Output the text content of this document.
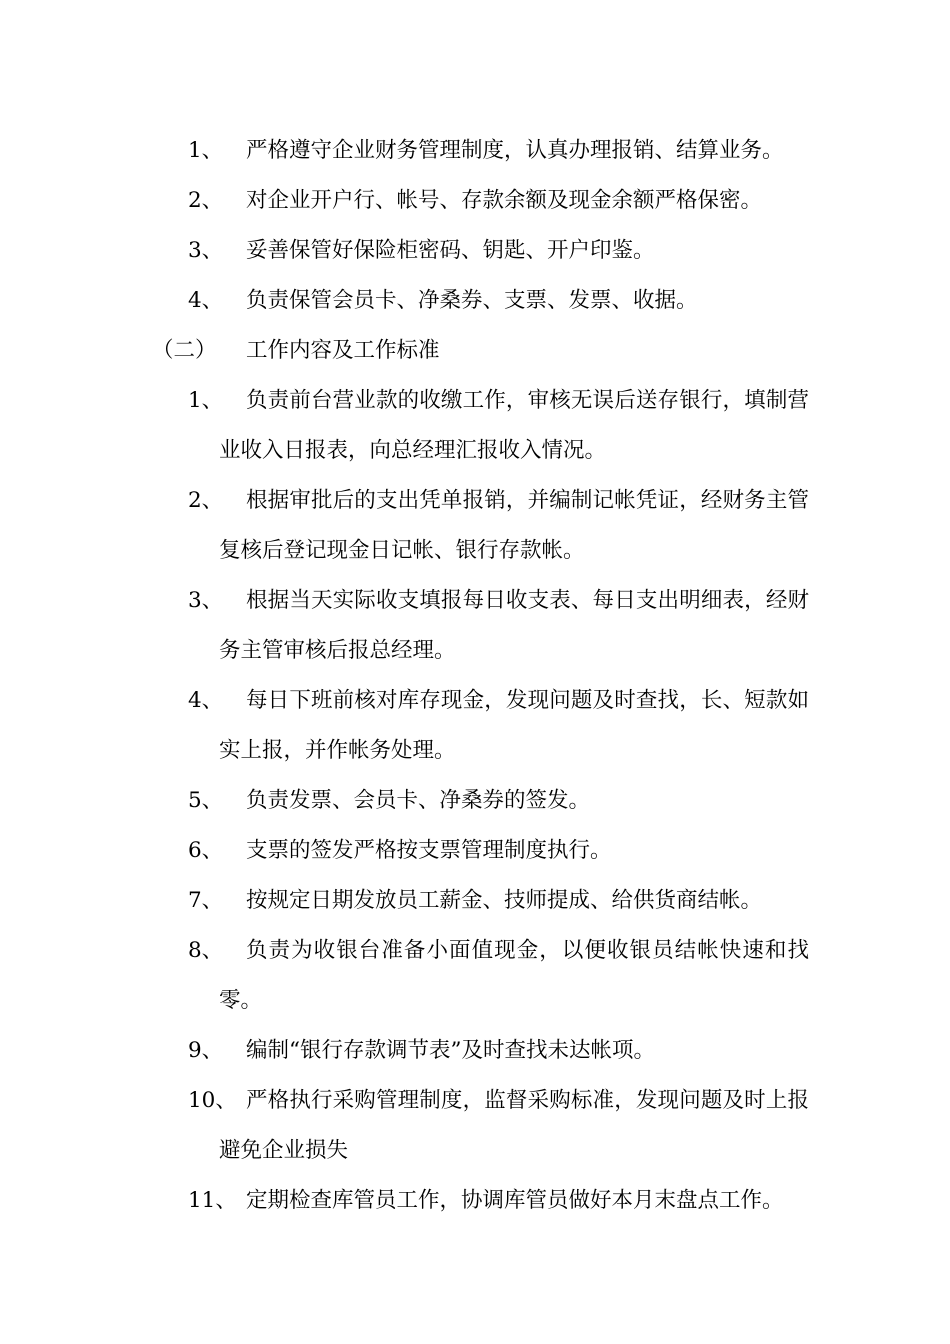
1、	严格遵守企业财务管理制度，认真办理报销、结算业务。
2、	对企业开户行、帐号、存款余额及现金余额严格保密。
3、	妥善保管好保险柜密码、钥匙、开户印鉴。
4、	负责保管会员卡、净桑券、支票、发票、收据。
（二）	工作内容及工作标准
1、	负责前台营业款的收缴工作，审核无误后送存银行，填制营业收入日报表，向总经理汇报收入情况。
2、	根据审批后的支出凭单报销，并编制记帐凭证，经财务主管复核后登记现金日记帐、银行存款帐。
3、	根据当天实际收支填报每日收支表、每日支出明细表，经财务主管审核后报总经理。
4、	每日下班前核对库存现金，发现问题及时查找，长、短款如实上报，并作帐务处理。
5、	负责发票、会员卡、净桑券的签发。
6、	支票的签发严格按支票管理制度执行。
7、	按规定日期发放员工薪金、技师提成、给供货商结帐。
8、	负责为收银台准备小面值现金，以便收银员结帐快速和找零。
9、	编制“银行存款调节表”及时查找未达帐项。
10、 严格执行采购管理制度，监督采购标准，发现问题及时上报避免企业损失
11、 定期检查库管员工作，协调库管员做好本月末盘点工作。
